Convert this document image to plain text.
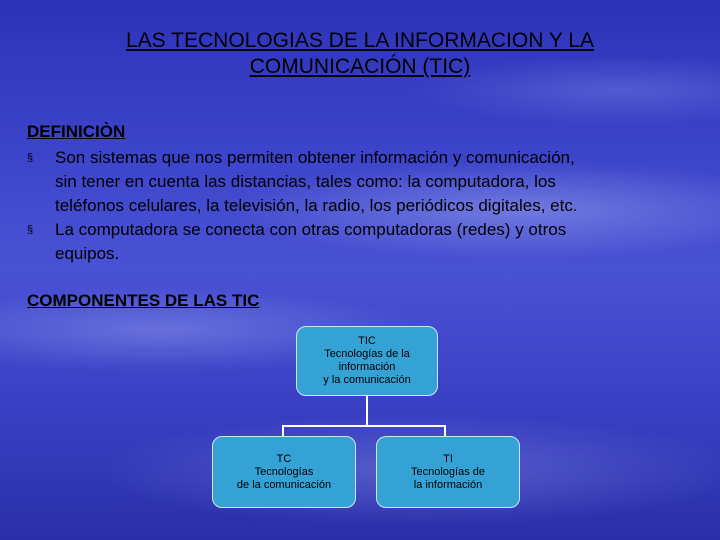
LAS TECNOLOGIAS DE LA INFORMACION Y LA
COMUNICACIÓN (TIC)
DEFINICIÒN
§ Son sistemas que nos permiten obtener información y comunicación,
sin tener en cuenta las distancias, tales como: la computadora, los
teléfonos celulares, la televisión, la radio, los periódicos digitales, etc.
§ La computadora se conecta con otras computadoras (redes) y otros
equipos.
COMPONENTES DE LAS TIC
TIC
Tecnologías de la
información
y la comunicación
TC
Tecnologías
de la comunicación
TI
Tecnologías de
la información
